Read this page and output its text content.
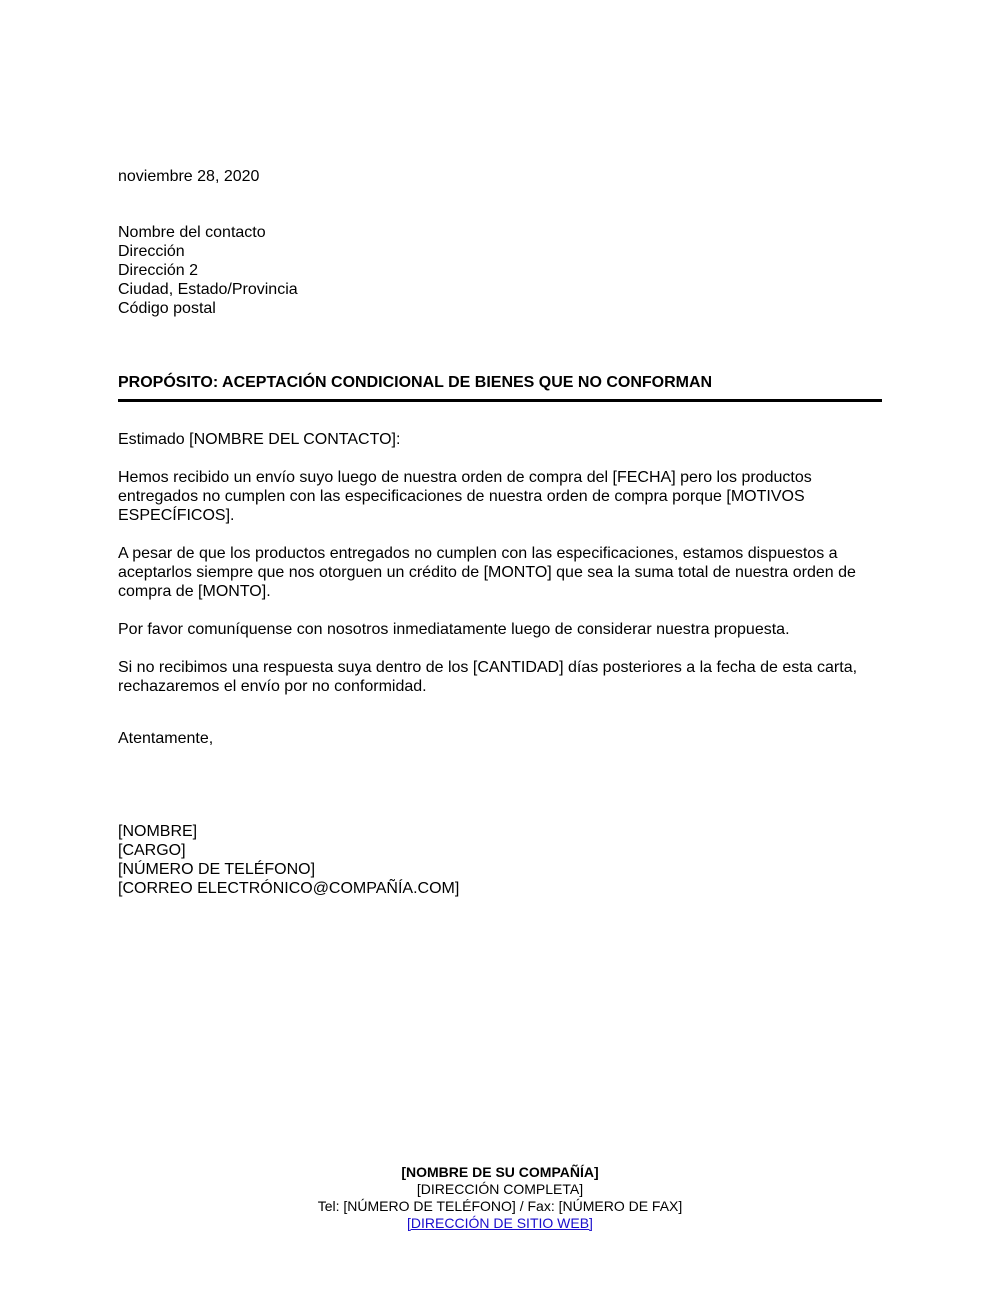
noviembre 28, 2020
Nombre del contacto
Dirección
Dirección 2
Ciudad, Estado/Provincia
Código postal
PROPÓSITO: ACEPTACIÓN CONDICIONAL DE BIENES QUE NO CONFORMAN

Estimado [NOMBRE DEL CONTACTO]:

Hemos recibido un envío suyo luego de nuestra orden de compra del [FECHA] pero los productos entregados no cumplen con las especificaciones de nuestra orden de compra porque [MOTIVOS ESPECÍFICOS].

A pesar de que los productos entregados no cumplen con las especificaciones, estamos dispuestos a aceptarlos siempre que nos otorguen un crédito de [MONTO] que sea la suma total de nuestra orden de compra de [MONTO].

Por favor comuníquense con nosotros inmediatamente luego de considerar nuestra propuesta.

Si no recibimos una respuesta suya dentro de los [CANTIDAD] días posteriores a la fecha de esta carta, rechazaremos el envío por no conformidad.

Atentamente,
[NOMBRE]
[CARGO]
[NÚMERO DE TELÉFONO]
[CORREO ELECTRÓNICO@COMPAÑÍA.COM]
[NOMBRE DE SU COMPAÑÍA]
[DIRECCIÓN COMPLETA]
Tel: [NÚMERO DE TELÉFONO] / Fax: [NÚMERO DE FAX]
[DIRECCIÓN DE SITIO WEB]
